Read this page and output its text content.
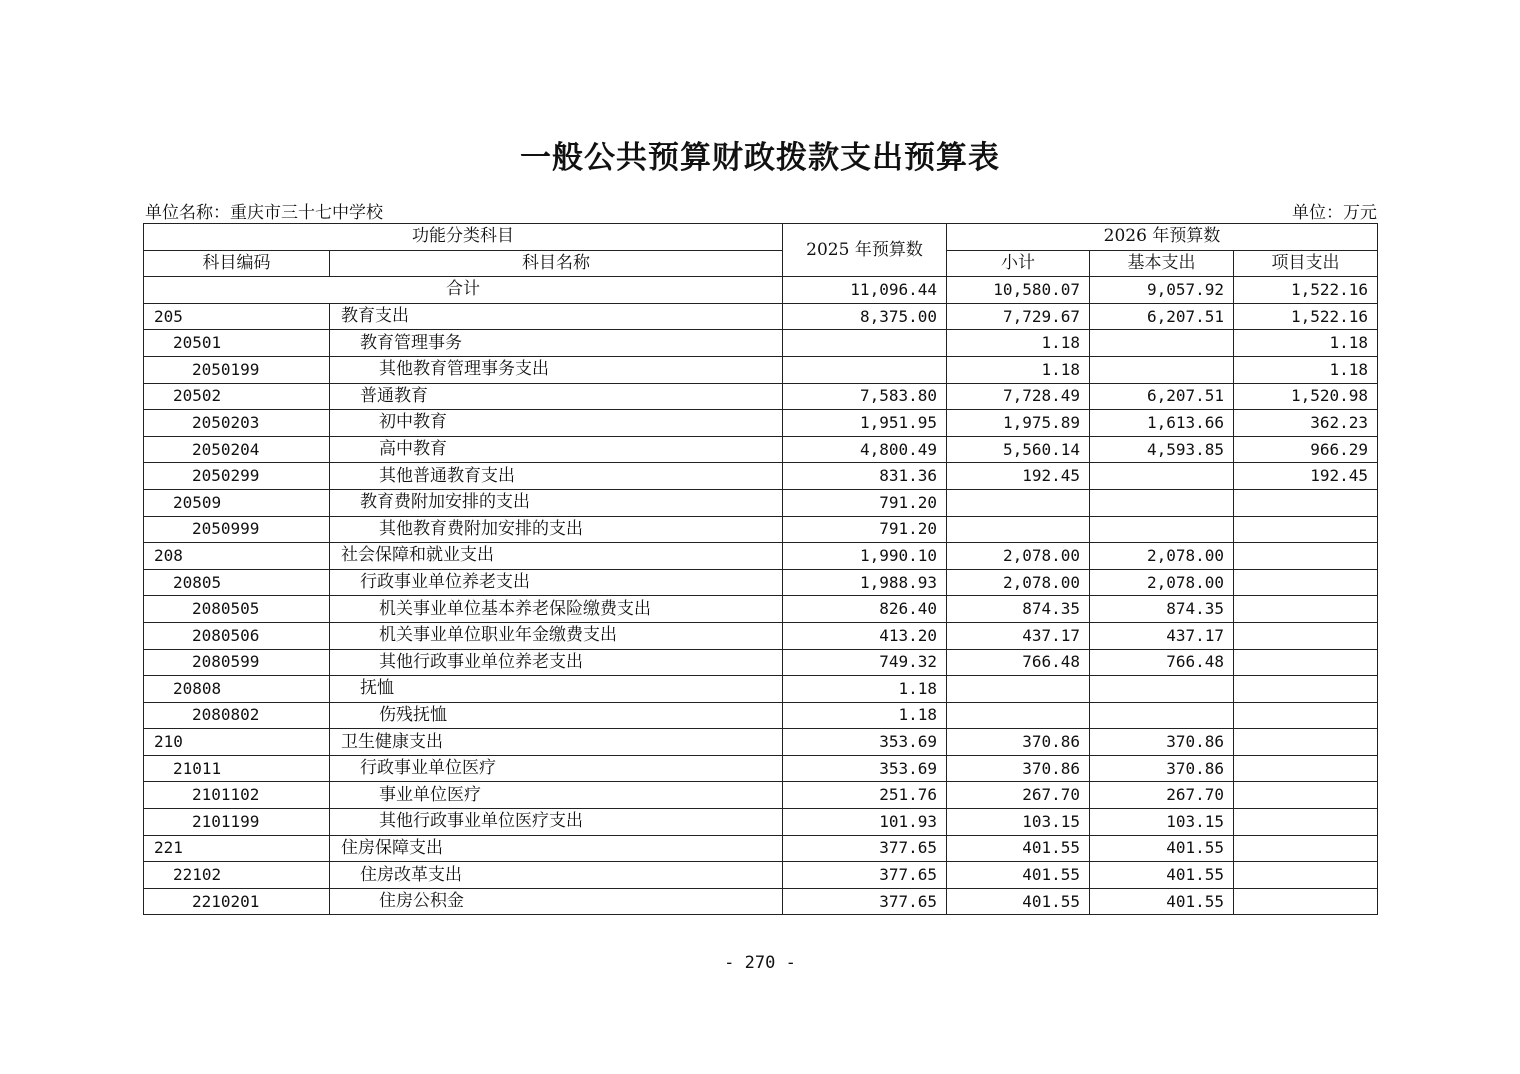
一般公共预算财政拨款支出预算表
单位名称：重庆市三十七中学校	单位：万元
功能分类科目		2025 年预算数	2026 年预算数		
科目编码	科目名称		小计	基本支出	项目支出
合计		11,096.44	10,580.07	9,057.92	1,522.16
205	教育支出	8,375.00	7,729.67	6,207.51	1,522.16
20501	教育管理事务		1.18		1.18
2050199	其他教育管理事务支出		1.18		1.18
20502	普通教育	7,583.80	7,728.49	6,207.51	1,520.98
2050203	初中教育	1,951.95	1,975.89	1,613.66	362.23
2050204	高中教育	4,800.49	5,560.14	4,593.85	966.29
2050299	其他普通教育支出	831.36	192.45		192.45
20509	教育费附加安排的支出	791.20			
2050999	其他教育费附加安排的支出	791.20			
208	社会保障和就业支出	1,990.10	2,078.00	2,078.00	
20805	行政事业单位养老支出	1,988.93	2,078.00	2,078.00	
2080505	机关事业单位基本养老保险缴费支出	826.40	874.35	874.35	
2080506	机关事业单位职业年金缴费支出	413.20	437.17	437.17	
2080599	其他行政事业单位养老支出	749.32	766.48	766.48	
20808	抚恤	1.18			
2080802	伤残抚恤	1.18			
210	卫生健康支出	353.69	370.86	370.86	
21011	行政事业单位医疗	353.69	370.86	370.86	
2101102	事业单位医疗	251.76	267.70	267.70	
2101199	其他行政事业单位医疗支出	101.93	103.15	103.15	
221	住房保障支出	377.65	401.55	401.55	
22102	住房改革支出	377.65	401.55	401.55	
2210201	住房公积金	377.65	401.55	401.55	
- 270 -
